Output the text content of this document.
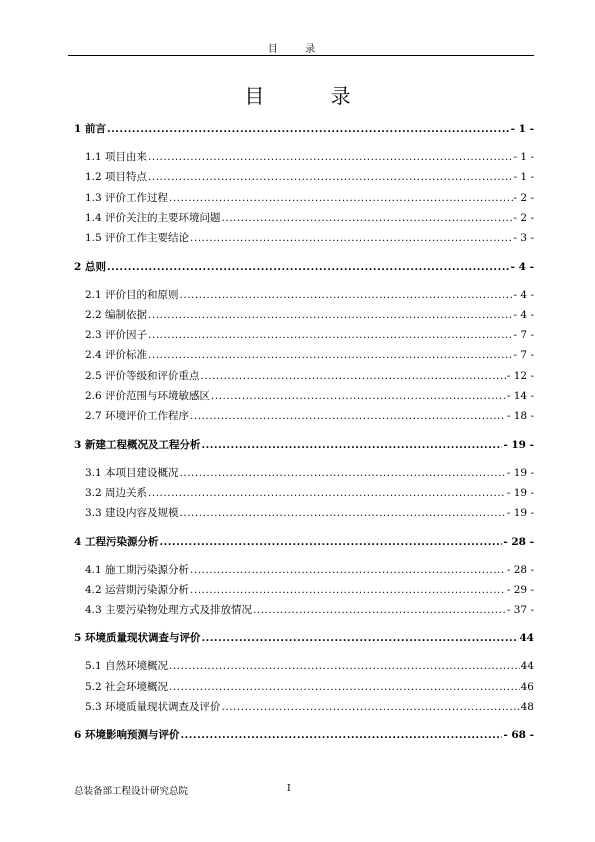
目 录
目 录
1 前言 .....	- 1 -
1.1 项目由来 .....	- 1 -
1.2 项目特点 .....	- 1 -
1.3 评价工作过程 .....	- 2 -
1.4 评价关注的主要环境问题 .....	- 2 -
1.5 评价工作主要结论 .....	- 3 -
2 总则 .....	- 4 -
2.1 评价目的和原则 .....	- 4 -
2.2 编制依据 .....	- 4 -
2.3 评价因子 .....	- 7 -
2.4 评价标准 .....	- 7 -
2.5 评价等级和评价重点 .....	- 12 -
2.6 评价范围与环境敏感区 .....	- 14 -
2.7 环境评价工作程序 .....	- 18 -
3 新建工程概况及工程分析 .....	- 19 -
3.1 本项目建设概况 .....	- 19 -
3.2 周边关系 .....	- 19 -
3.3 建设内容及规模 .....	- 19 -
4 工程污染源分析 .....	- 28 -
4.1 施工期污染源分析 .....	- 28 -
4.2 运营期污染源分析 .....	- 29 -
4.3 主要污染物处理方式及排放情况 .....	- 37 -
5 环境质量现状调查与评价 .....	44
5.1 自然环境概况 .....	44
5.2 社会环境概况 .....	46
5.3 环境质量现状调查及评价 .....	48
6 环境影响预测与评价 .....	- 68 -
总装备部工程设计研究总院	I
